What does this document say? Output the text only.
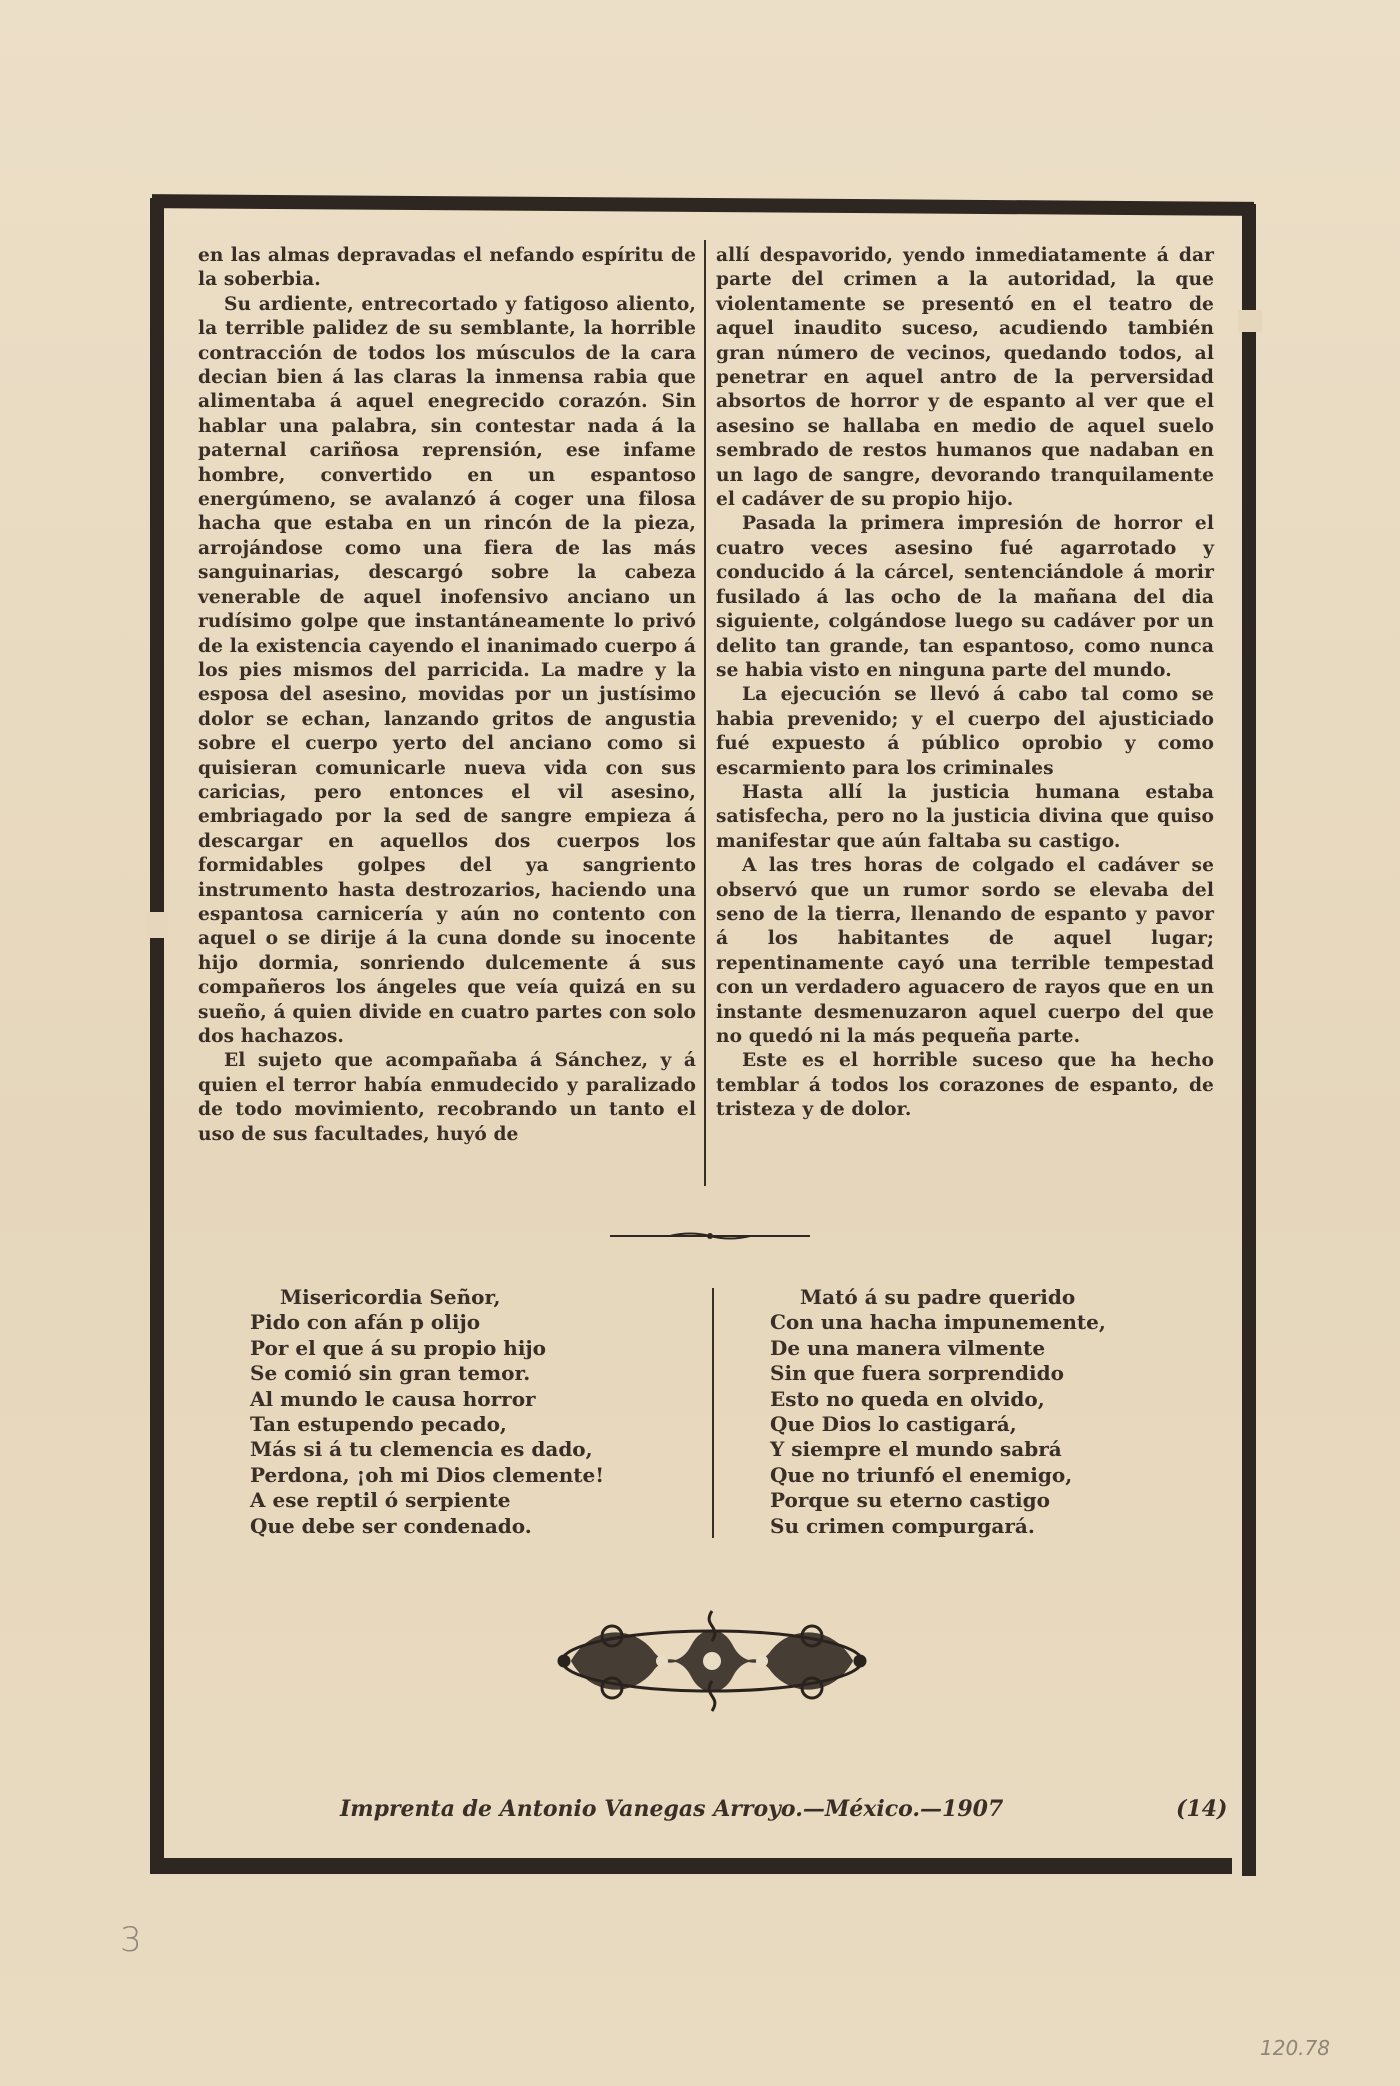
en las almas depravadas el nefando espíritu de la soberbia.

Su ardiente, entrecortado y fatigoso aliento, la terrible palidez de su semblante, la horrible contracción de todos los músculos de la cara decian bien á las claras la inmensa rabia que alimentaba á aquel enegrecido corazón. Sin hablar una palabra, sin contestar nada á la paternal cariñosa reprensión, ese infame hombre, convertido en un espantoso energúmeno, se avalanzó á coger una filosa hacha que estaba en un rincón de la pieza, arrojándose como una fiera de las más sanguinarias, descargó sobre la cabeza venerable de aquel inofensivo anciano un rudísimo golpe que instantáneamente lo privó de la existencia cayendo el inanimado cuerpo á los pies mismos del parricida. La madre y la esposa del asesino, movidas por un justísimo dolor se echan, lanzando gritos de angustia sobre el cuerpo yerto del anciano como si quisieran comunicarle nueva vida con sus caricias, pero entonces el vil asesino, embriagado por la sed de sangre empieza á descargar en aquellos dos cuerpos los formidables golpes del ya sangriento instrumento hasta destrozarios, haciendo una espantosa carnicería y aún no contento con aquel o se dirije á la cuna donde su inocente hijo dormia, sonriendo dulcemente á sus compañeros los ángeles que veía quizá en su sueño, á quien divide en cuatro partes con solo dos hachazos.

El sujeto que acompañaba á Sánchez, y á quien el terror había enmudecido y paralizado de todo movimiento, recobrando un tanto el uso de sus facultades, huyó de

allí despavorido, yendo inmediatamente á dar parte del crimen a la autoridad, la que violentamente se presentó en el teatro de aquel inaudito suceso, acudiendo también gran número de vecinos, quedando todos, al penetrar en aquel antro de la perversidad absortos de horror y de espanto al ver que el asesino se hallaba en medio de aquel suelo sembrado de restos humanos que nadaban en un lago de sangre, devorando tranquilamente el cadáver de su propio hijo.

Pasada la primera impresión de horror el cuatro veces asesino fué agarrotado y conducido á la cárcel, sentenciándole á morir fusilado á las ocho de la mañana del dia siguiente, colgándose luego su cadáver por un delito tan grande, tan espantoso, como nunca se habia visto en ninguna parte del mundo.

La ejecución se llevó á cabo tal como se habia prevenido; y el cuerpo del ajusticiado fué expuesto á público oprobio y como escarmiento para los criminales

Hasta allí la justicia humana estaba satisfecha, pero no la justicia divina que quiso manifestar que aún faltaba su castigo.

A las tres horas de colgado el cadáver se observó que un rumor sordo se elevaba del seno de la tierra, llenando de espanto y pavor á los habitantes de aquel lugar; repentinamente cayó una terrible tempestad con un verdadero aguacero de rayos que en un instante desmenuzaron aquel cuerpo del que no quedó ni la más pequeña parte.

Este es el horrible suceso que ha hecho temblar á todos los corazones de espanto, de tristeza y de dolor.

Misericordia Señor,
Pido con afán p olijo
Por el que á su propio hijo
Se comió sin gran temor.
Al mundo le causa horror
Tan estupendo pecado,
Más si á tu clemencia es dado,
Perdona, ¡oh mi Dios clemente!
A ese reptil ó serpiente
Que debe ser condenado.
Mató á su padre querido
Con una hacha impunemente,
De una manera vilmente
Sin que fuera sorprendido
Esto no queda en olvido,
Que Dios lo castigará,
Y siempre el mundo sabrá
Que no triunfó el enemigo,
Porque su eterno castigo
Su crimen compurgará.
Imprenta de Antonio Vanegas Arroyo.—México.—1907	(14)
3
120.78
